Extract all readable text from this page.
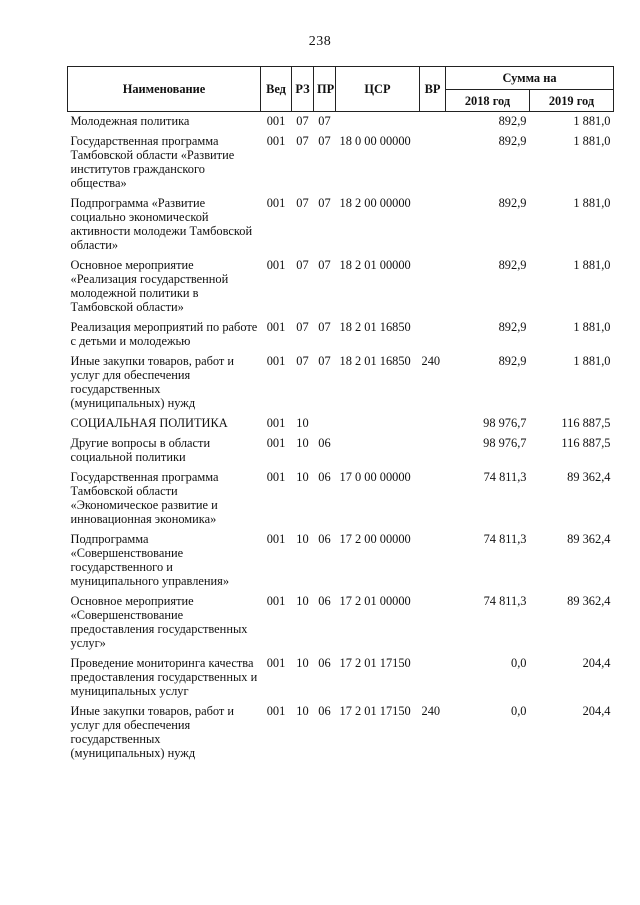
238
Наименование	Вед	РЗ	ПР	ЦСР	ВР	Сумма на	
						2018 год	2019 год
Молодежная политика	001	07	07			892,9	1 881,0
Государственная программа Тамбовской области «Развитие институтов гражданского общества»	001	07	07	18 0 00 00000		892,9	1 881,0
Подпрограмма «Развитие социально экономической активности молодежи Тамбовской области»	001	07	07	18 2 00 00000		892,9	1 881,0
Основное мероприятие «Реализация государственной молодежной политики в Тамбовской области»	001	07	07	18 2 01 00000		892,9	1 881,0
Реализация мероприятий по работе с детьми и молодежью	001	07	07	18 2 01 16850		892,9	1 881,0
Иные закупки товаров, работ и услуг для обеспечения государственных (муниципальных) нужд	001	07	07	18 2 01 16850	240	892,9	1 881,0
СОЦИАЛЬНАЯ ПОЛИТИКА	001	10				98 976,7	116 887,5
Другие вопросы в области социальной политики	001	10	06			98 976,7	116 887,5
Государственная программа Тамбовской области «Экономическое развитие и инновационная экономика»	001	10	06	17 0 00 00000		74 811,3	89 362,4
Подпрограмма «Совершенствование государственного и муниципального управления»	001	10	06	17 2 00 00000		74 811,3	89 362,4
Основное мероприятие «Совершенствование предоставления государственных услуг»	001	10	06	17 2 01 00000		74 811,3	89 362,4
Проведение мониторинга качества предоставления государственных и муниципальных услуг	001	10	06	17 2 01 17150		0,0	204,4
Иные закупки товаров, работ и услуг для обеспечения государственных (муниципальных) нужд	001	10	06	17 2 01 17150	240	0,0	204,4
